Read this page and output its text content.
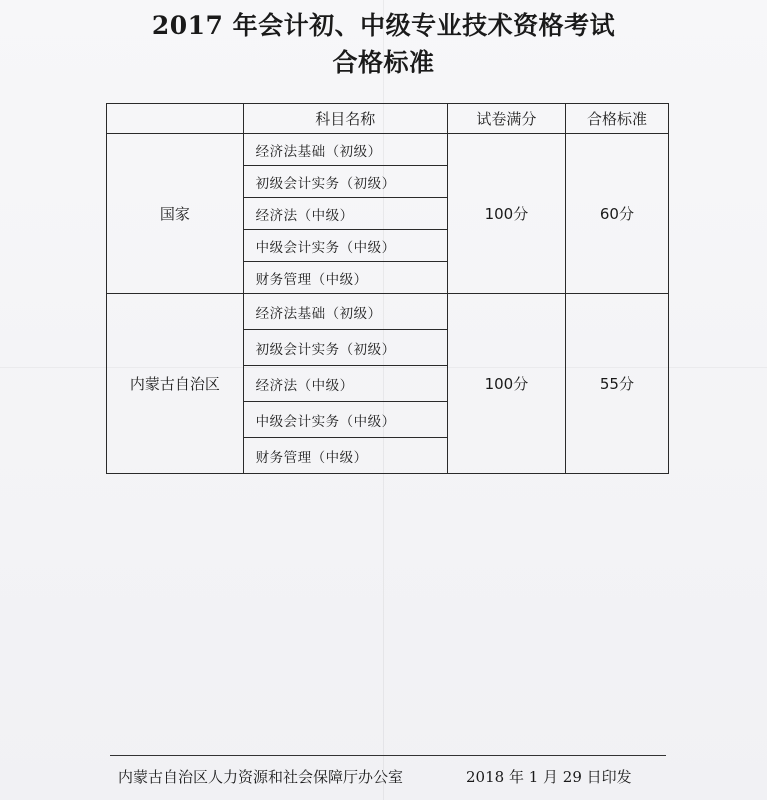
2017 年会计初、中级专业技术资格考试
合格标准
	科目名称	试卷满分	合格标准
国家	经济法基础（初级）	100分	60分
	初级会计实务（初级）		
	经济法（中级）		
	中级会计实务（中级）		
	财务管理（中级）		
内蒙古自治区	经济法基础（初级）	100分	55分
	初级会计实务（初级）		
	经济法（中级）		
	中级会计实务（中级）		
	财务管理（中级）		
内蒙古自治区人力资源和社会保障厅办公室	2018 年 1 月 29 日印发
